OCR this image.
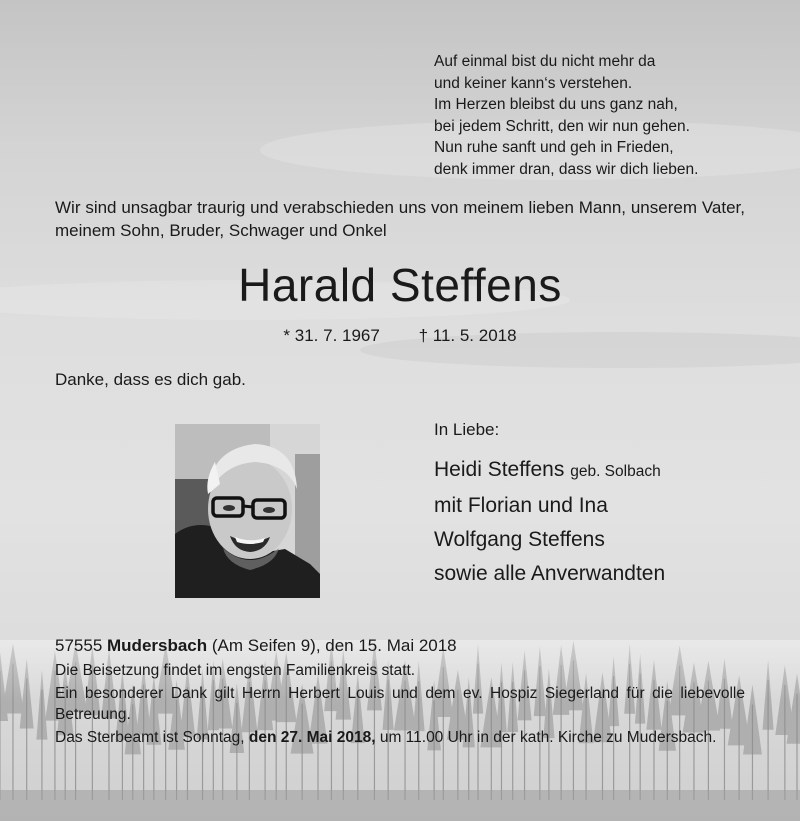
Auf einmal bist du nicht mehr da
und keiner kann‘s verstehen.
Im Herzen bleibst du uns ganz nah,
bei jedem Schritt, den wir nun gehen.
Nun ruhe sanft und geh in Frieden,
denk immer dran, dass wir dich lieben.
Wir sind unsagbar traurig und verabschieden uns von meinem lieben Mann, unserem Vater, meinem Sohn, Bruder, Schwager und Onkel
Harald Steffens
* 31. 7. 1967 † 11. 5. 2018
Danke, dass es dich gab.
In Liebe:
Heidi Steffens geb. Solbach
mit Florian und Ina
Wolfgang Steffens
sowie alle Anverwandten

57555 Mudersbach (Am Seifen 9), den 15. Mai 2018

Die Beisetzung findet im engsten Familienkreis statt.

Ein besonderer Dank gilt Herrn Herbert Louis und dem ev. Hospiz Siegerland für die liebevolle Betreuung.

Das Sterbeamt ist Sonntag, den 27. Mai 2018, um 11.00 Uhr in der kath. Kirche zu Mudersbach.
